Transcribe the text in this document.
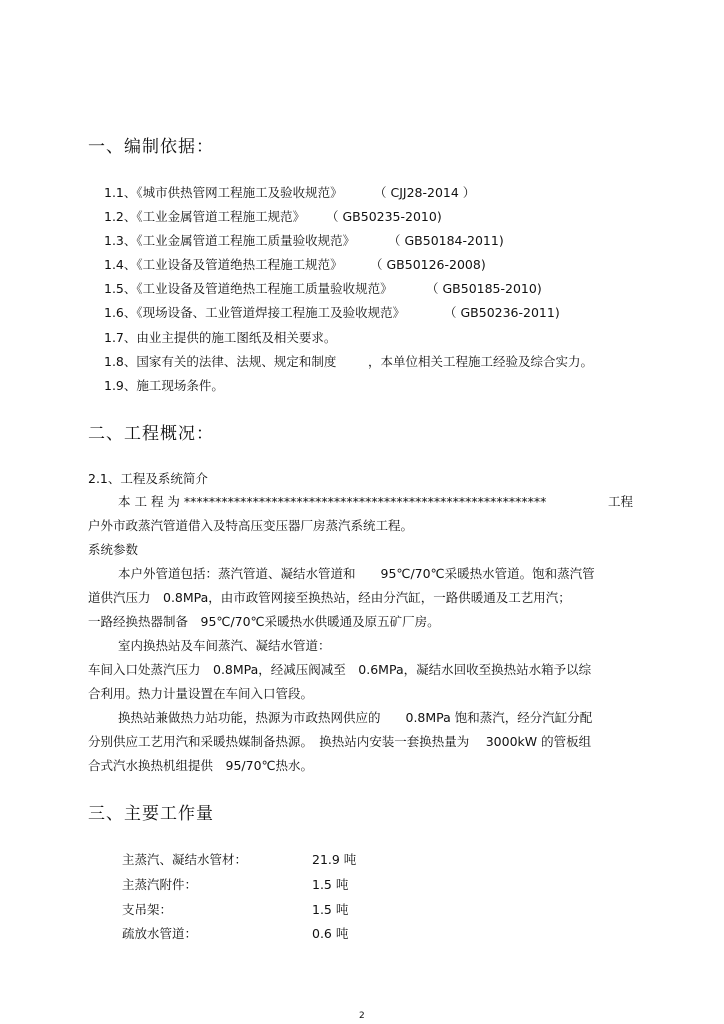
一、编制依据：
1.1、《城市供热管网工程施工及验收规范》	（ CJJ28-2014 ）
1.2、《工业金属管道工程施工规范》 （ GB50235-2010)
1.3、《工业金属管道工程施工质量验收规范》	（ GB50184-2011)
1.4、《工业设备及管道绝热工程施工规范》 （ GB50126-2008)
1.5、《工业设备及管道绝热工程施工质量验收规范》	（ GB50185-2010)
1.6、《现场设备、工业管道焊接工程施工及验收规范》	（ GB50236-2011)
1.7、由业主提供的施工图纸及相关要求。
1.8、国家有关的法律、法规、规定和制度	，本单位相关工程施工经验及综合实力。
1.9、施工现场条件。
二、工程概况：
2.1、工程及系统简介
本 工 程 为 **********************************************************	工程
户外市政蒸汽管道借入及特高压变压器厂房蒸汽系统工程。
系统参数
本户外管道包括：蒸汽管道、凝结水管道和　　95℃/70℃采暖热水管道。饱和蒸汽管
道供汽压力　0.8MPa，由市政管网接至换热站，经由分汽缸，一路供暖通及工艺用汽；
一路经换热器制备　95℃/70℃采暖热水供暖通及原五矿厂房。
室内换热站及车间蒸汽、凝结水管道：
车间入口处蒸汽压力　0.8MPa，经减压阀减至　0.6MPa，凝结水回收至换热站水箱予以综
合利用。热力计量设置在车间入口管段。
换热站兼做热力站功能，热源为市政热网供应的　　0.8MPa 饱和蒸汽，经分汽缸分配
分别供应工艺用汽和采暖热媒制备热源。　换热站内安装一套换热量为　 3000kW 的管板组
合式汽水换热机组提供　95/70℃热水。
三、主要工作量
主蒸汽、凝结水管材：	21.9 吨
主蒸汽附件：	1.5 吨
支吊架：	1.5 吨
疏放水管道：	0.6 吨
2
